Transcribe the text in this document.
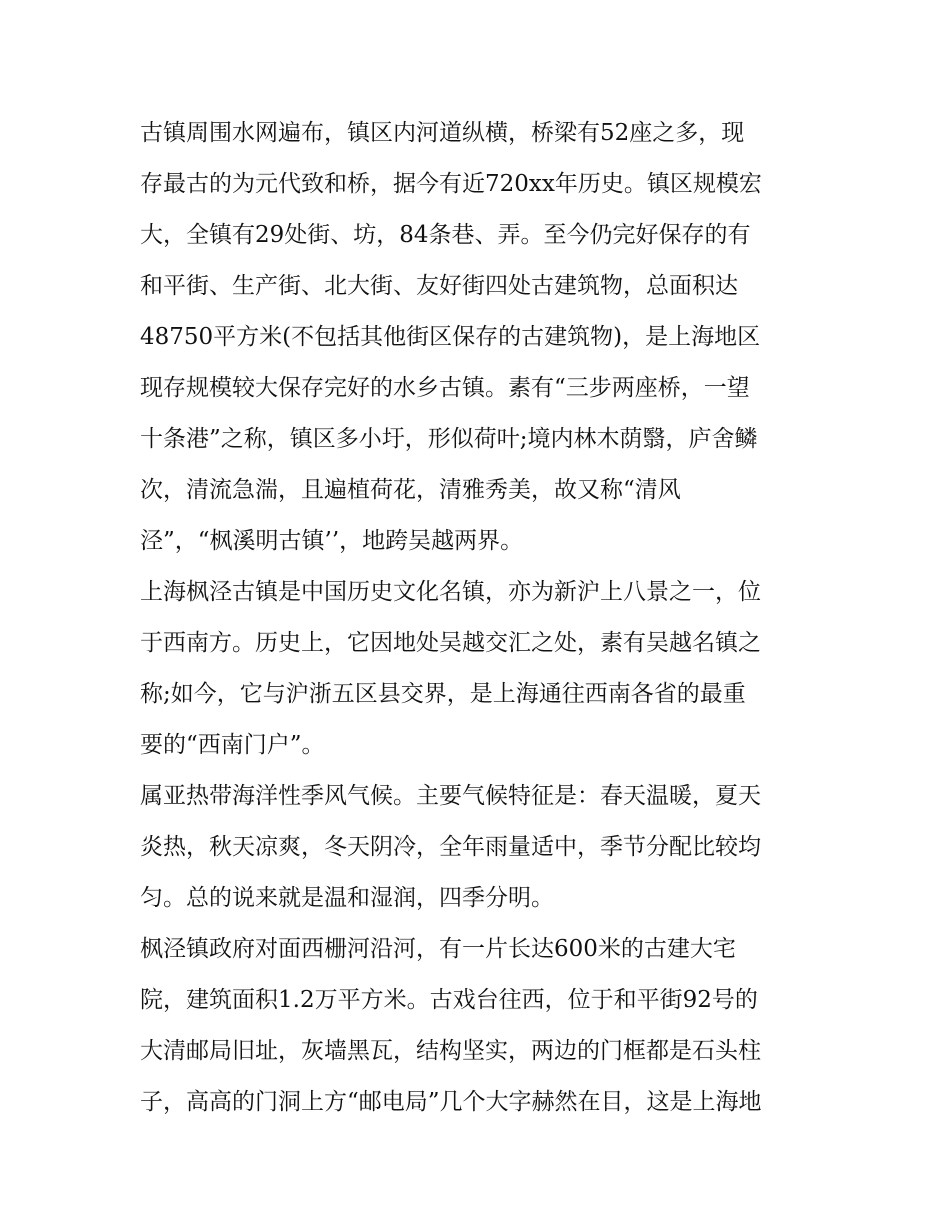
古镇周围水网遍布，镇区内河道纵横，桥梁有52座之多，现
存最古的为元代致和桥，据今有近720xx年历史。镇区规模宏
大，全镇有29处街、坊，84条巷、弄。至今仍完好保存的有
和平街、生产街、北大街、友好街四处古建筑物，总面积达
48750平方米(不包括其他街区保存的古建筑物)，是上海地区
现存规模较大保存完好的水乡古镇。素有“三步两座桥，一望
十条港”之称，镇区多小圩，形似荷叶;境内林木荫翳，庐舍鳞
次，清流急湍，且遍植荷花，清雅秀美，故又称“清风
泾”，“枫溪明古镇’’，地跨吴越两界。
上海枫泾古镇是中国历史文化名镇，亦为新沪上八景之一，位
于西南方。历史上，它因地处吴越交汇之处，素有吴越名镇之
称;如今，它与沪浙五区县交界，是上海通往西南各省的最重
要的“西南门户”。
属亚热带海洋性季风气候。主要气候特征是：春天温暖，夏天
炎热，秋天凉爽，冬天阴冷，全年雨量适中，季节分配比较均
匀。总的说来就是温和湿润，四季分明。
枫泾镇政府对面西栅河沿河，有一片长达600米的古建大宅
院，建筑面积1.2万平方米。古戏台往西，位于和平街92号的
大清邮局旧址，灰墙黑瓦，结构坚实，两边的门框都是石头柱
子，高高的门洞上方“邮电局”几个大字赫然在目，这是上海地
